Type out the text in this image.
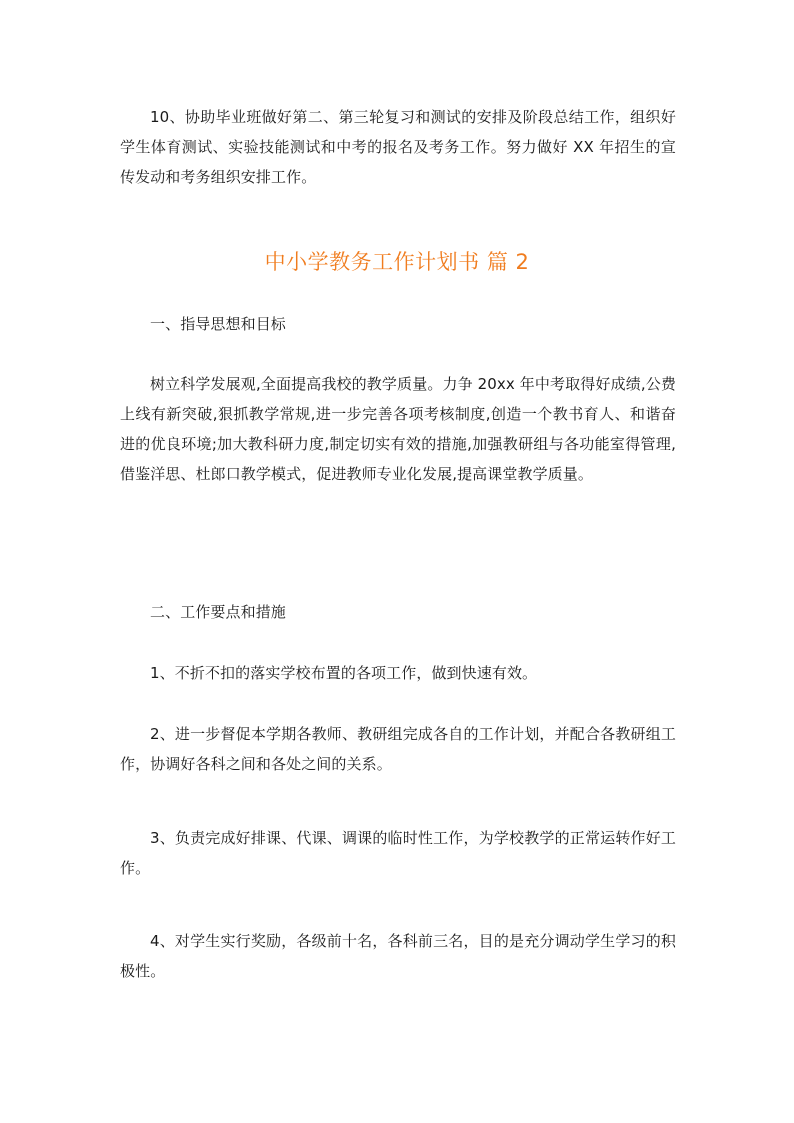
10、协助毕业班做好第二、第三轮复习和测试的安排及阶段总结工作，组织好学生体育测试、实验技能测试和中考的报名及考务工作。努力做好 XX 年招生的宣传发动和考务组织安排工作。

中小学教务工作计划书 篇 2

一、指导思想和目标

树立科学发展观,全面提高我校的教学质量。力争 20xx 年中考取得好成绩,公费上线有新突破,狠抓教学常规,进一步完善各项考核制度,创造一个教书育人、和谐奋进的优良环境;加大教科研力度,制定切实有效的措施,加强教研组与各功能室得管理,借鉴洋思、杜郎口教学模式，促进教师专业化发展,提高课堂教学质量。

二、工作要点和措施

1、不折不扣的落实学校布置的各项工作，做到快速有效。

2、进一步督促本学期各教师、教研组完成各自的工作计划，并配合各教研组工作，协调好各科之间和各处之间的关系。

3、负责完成好排课、代课、调课的临时性工作，为学校教学的正常运转作好工作。

4、对学生实行奖励，各级前十名，各科前三名，目的是充分调动学生学习的积极性。
